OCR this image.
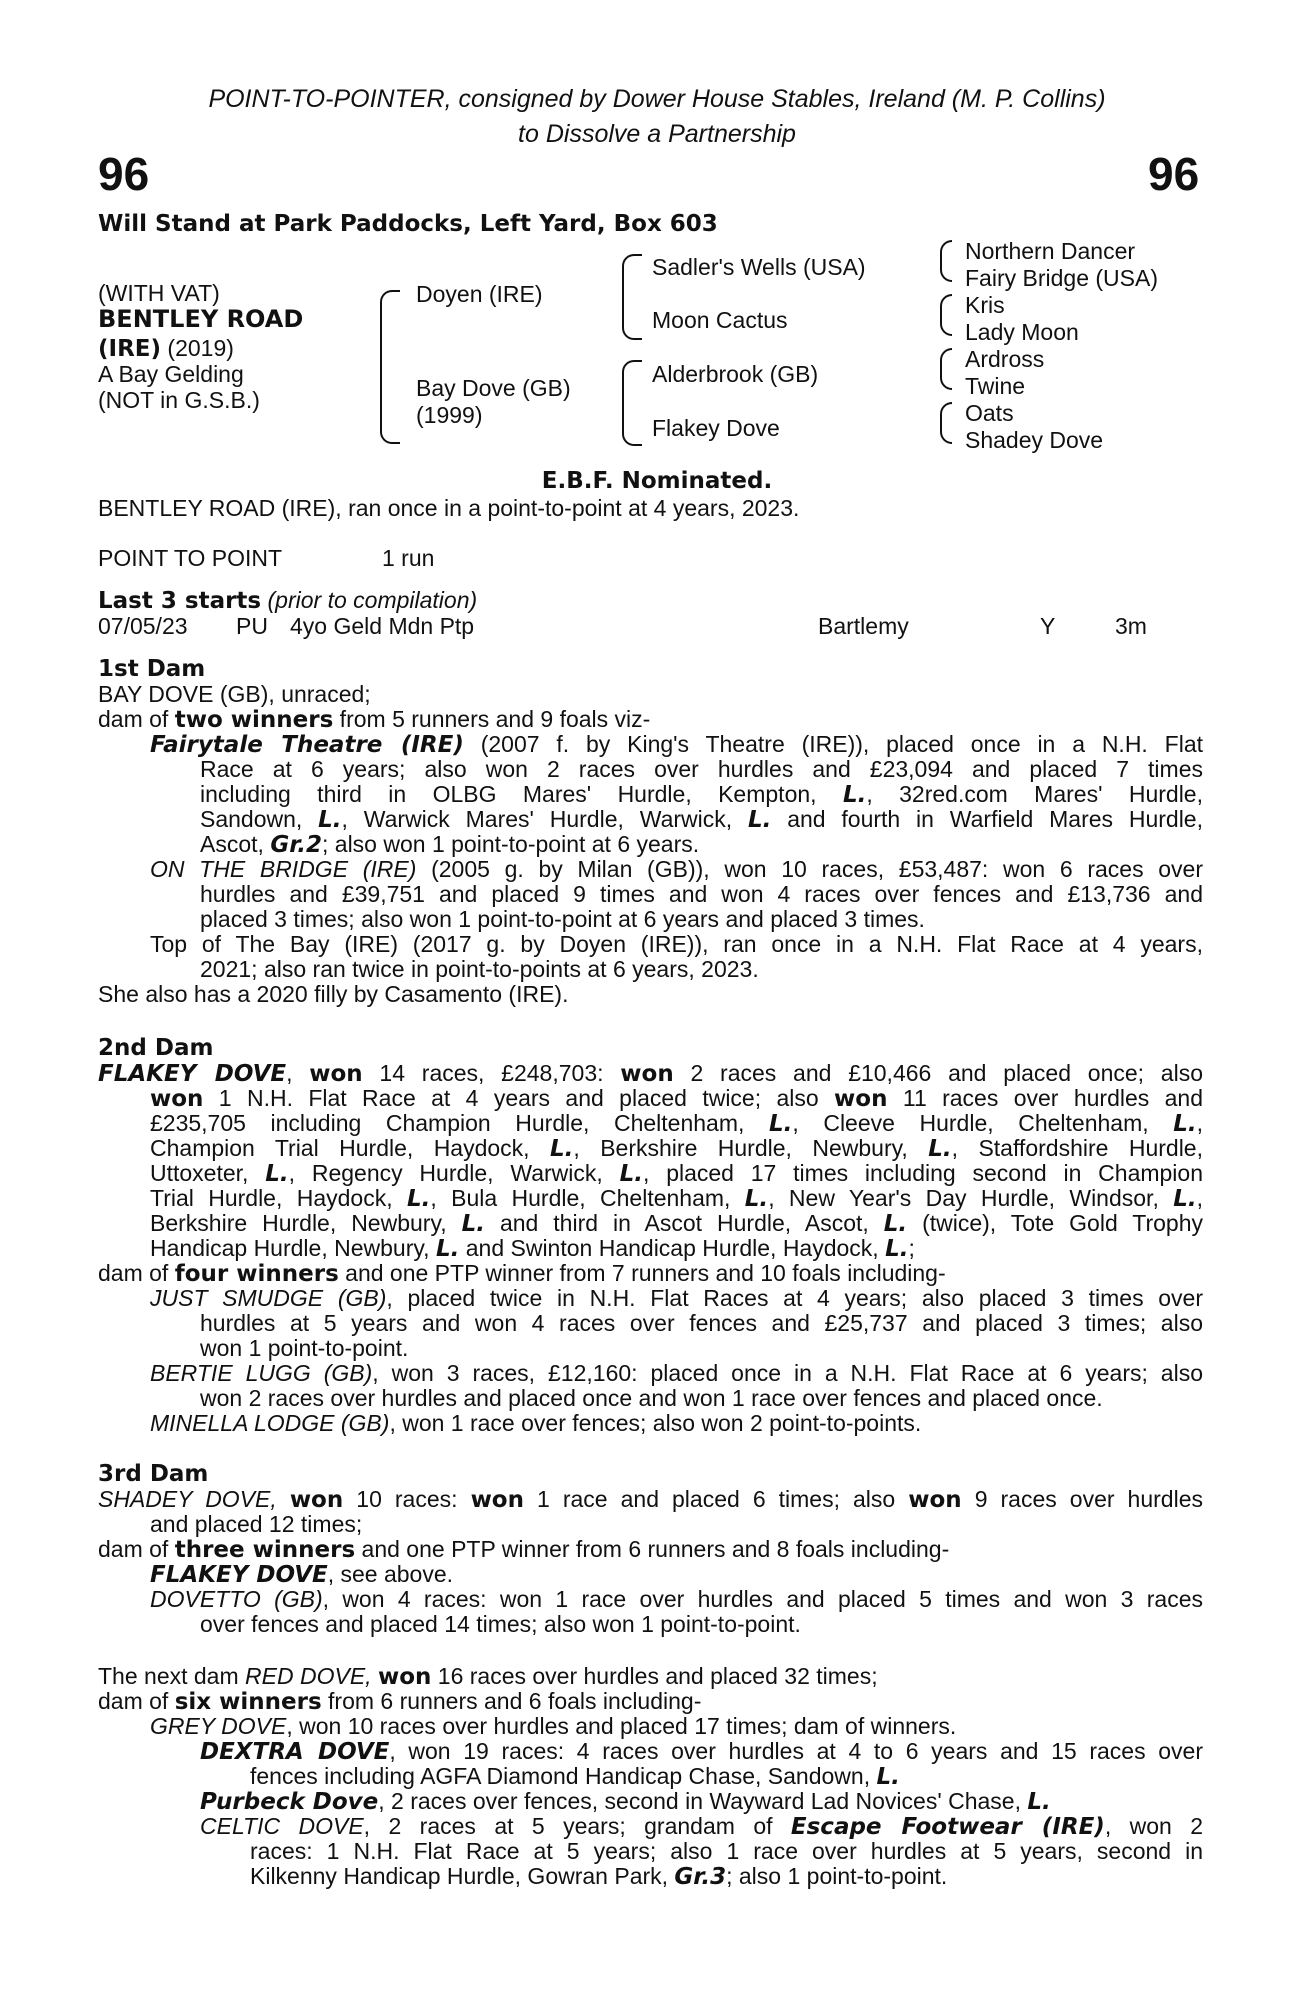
POINT-TO-POINTER, consigned by Dower House Stables, Ireland (M. P. Collins)
to Dissolve a Partnership
96	96
Will Stand at Park Paddocks, Left Yard, Box 603
(WITH VAT)
BENTLEY ROAD
(IRE) (2019)
A Bay Gelding
(NOT in G.S.B.)
Doyen (IRE)
Bay Dove (GB)
(1999)
Sadler's Wells (USA)
Moon Cactus
Alderbrook (GB)
Flakey Dove
Northern Dancer
Fairy Bridge (USA)
Kris
Lady Moon
Ardross
Twine
Oats
Shadey Dove
E.B.F. Nominated.
BENTLEY ROAD (IRE), ran once in a point-to-point at 4 years, 2023.
POINT TO POINT	1 run
Last 3 starts (prior to compilation)
07/05/23 PU 4yo Geld Mdn Ptp	Bartlemy	Y	3m
1st Dam
BAY DOVE (GB), unraced;
dam of two winners from 5 runners and 9 foals viz-
Fairytale Theatre (IRE) (2007 f. by King's Theatre (IRE)), placed once in a N.H. Flat
Race at 6 years; also won 2 races over hurdles and £23,094 and placed 7 times
including third in OLBG Mares' Hurdle, Kempton, L., 32red.com Mares' Hurdle,
Sandown, L., Warwick Mares' Hurdle, Warwick, L. and fourth in Warfield Mares Hurdle,
Ascot, Gr.2; also won 1 point-to-point at 6 years.
ON THE BRIDGE (IRE) (2005 g. by Milan (GB)), won 10 races, £53,487: won 6 races over
hurdles and £39,751 and placed 9 times and won 4 races over fences and £13,736 and
placed 3 times; also won 1 point-to-point at 6 years and placed 3 times.
Top of The Bay (IRE) (2017 g. by Doyen (IRE)), ran once in a N.H. Flat Race at 4 years,
2021; also ran twice in point-to-points at 6 years, 2023.
She also has a 2020 filly by Casamento (IRE).
2nd Dam
FLAKEY DOVE, won 14 races, £248,703: won 2 races and £10,466 and placed once; also
won 1 N.H. Flat Race at 4 years and placed twice; also won 11 races over hurdles and
£235,705 including Champion Hurdle, Cheltenham, L., Cleeve Hurdle, Cheltenham, L.,
Champion Trial Hurdle, Haydock, L., Berkshire Hurdle, Newbury, L., Staffordshire Hurdle,
Uttoxeter, L., Regency Hurdle, Warwick, L., placed 17 times including second in Champion
Trial Hurdle, Haydock, L., Bula Hurdle, Cheltenham, L., New Year's Day Hurdle, Windsor, L.,
Berkshire Hurdle, Newbury, L. and third in Ascot Hurdle, Ascot, L. (twice), Tote Gold Trophy
Handicap Hurdle, Newbury, L. and Swinton Handicap Hurdle, Haydock, L.;
dam of four winners and one PTP winner from 7 runners and 10 foals including-
JUST SMUDGE (GB), placed twice in N.H. Flat Races at 4 years; also placed 3 times over
hurdles at 5 years and won 4 races over fences and £25,737 and placed 3 times; also
won 1 point-to-point.
BERTIE LUGG (GB), won 3 races, £12,160: placed once in a N.H. Flat Race at 6 years; also
won 2 races over hurdles and placed once and won 1 race over fences and placed once.
MINELLA LODGE (GB), won 1 race over fences; also won 2 point-to-points.
3rd Dam
SHADEY DOVE, won 10 races: won 1 race and placed 6 times; also won 9 races over hurdles
and placed 12 times;
dam of three winners and one PTP winner from 6 runners and 8 foals including-
FLAKEY DOVE, see above.
DOVETTO (GB), won 4 races: won 1 race over hurdles and placed 5 times and won 3 races
over fences and placed 14 times; also won 1 point-to-point.
The next dam RED DOVE, won 16 races over hurdles and placed 32 times;
dam of six winners from 6 runners and 6 foals including-
GREY DOVE, won 10 races over hurdles and placed 17 times; dam of winners.
DEXTRA DOVE, won 19 races: 4 races over hurdles at 4 to 6 years and 15 races over
fences including AGFA Diamond Handicap Chase, Sandown, L.
Purbeck Dove, 2 races over fences, second in Wayward Lad Novices' Chase, L.
CELTIC DOVE, 2 races at 5 years; grandam of Escape Footwear (IRE), won 2
races: 1 N.H. Flat Race at 5 years; also 1 race over hurdles at 5 years, second in
Kilkenny Handicap Hurdle, Gowran Park, Gr.3; also 1 point-to-point.
